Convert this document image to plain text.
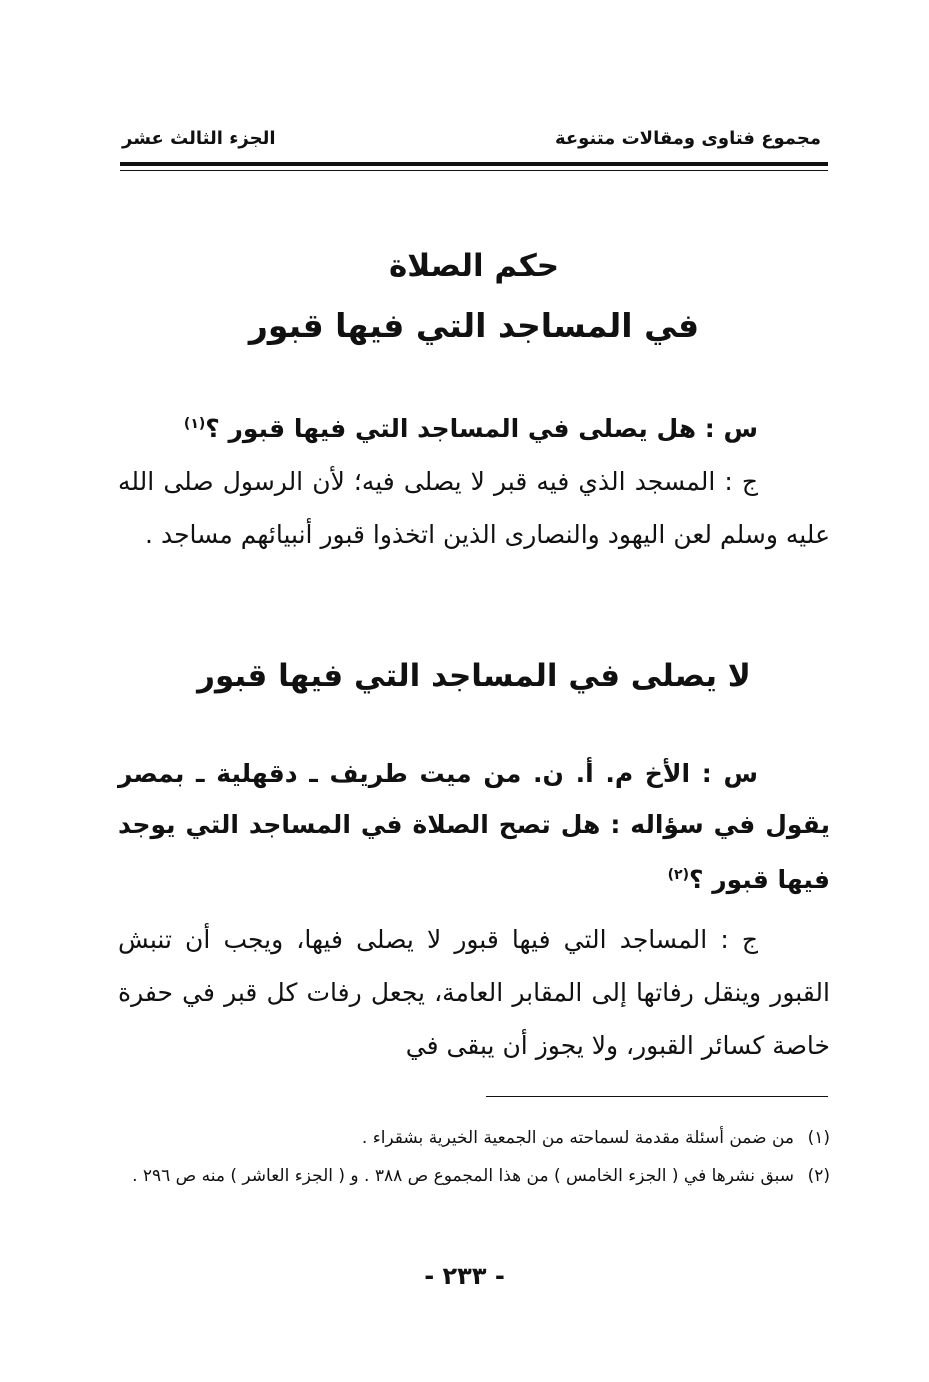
مجموع فتاوى ومقالات متنوعة
الجزء الثالث عشر
حكم الصلاة
في المساجد التي فيها قبور
س : هل يصلى في المساجد التي فيها قبور ؟$^{(١)}$
ج : المسجد الذي فيه قبر لا يصلى فيه؛ لأن الرسول صلى الله عليه وسلم لعن اليهود والنصارى الذين اتخذوا قبور أنبيائهم مساجد .
لا يصلى في المساجد التي فيها قبور
س : الأخ م. أ. ن. من ميت طريف ـ دقهلية ـ بمصر يقول في سؤاله : هل تصح الصلاة في المساجد التي يوجد فيها قبور ؟$^{(٢)}$
ج : المساجد التي فيها قبور لا يصلى فيها، ويجب أن تنبش القبور وينقل رفاتها إلى المقابر العامة، يجعل رفات كل قبر في حفرة خاصة كسائر القبور، ولا يجوز أن يبقى في
(١)من ضمن أسئلة مقدمة لسماحته من الجمعية الخيرية بشقراء .
(٢)سبق نشرها في ( الجزء الخامس ) من هذا المجموع ص ٣٨٨ . و ( الجزء العاشر ) منه ص ٢٩٦ .
- ٢٣٣ -
